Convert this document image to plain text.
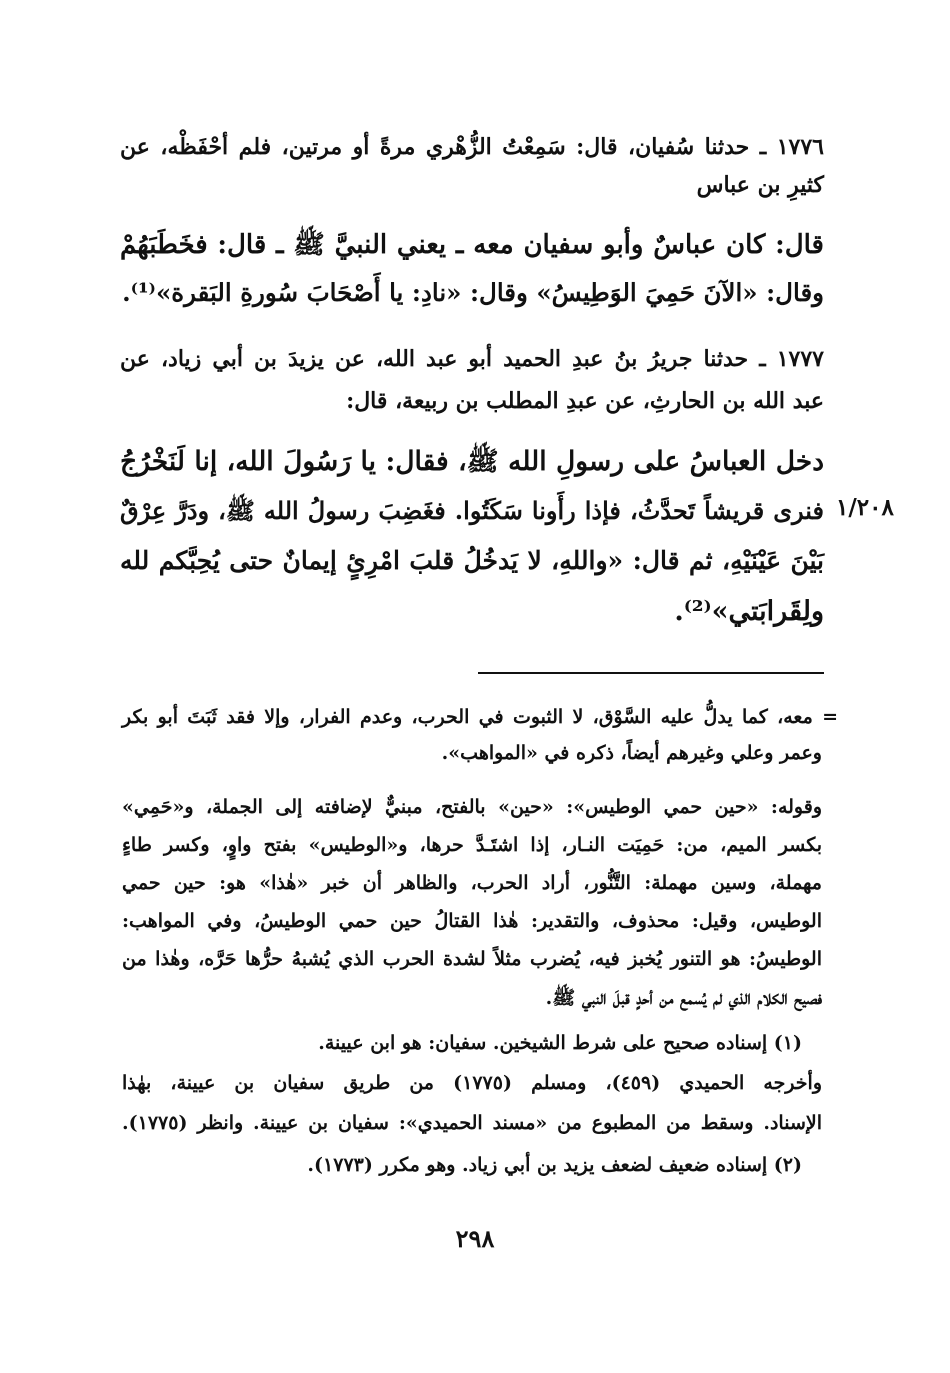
١٧٧٦ ـ حدثنا سُفيان، قال: سَمِعْتُ الزُّهْري مرةً أو مرتين، فلم أحْفَظْه، عن
كثيرِ بن عباس
قال: كان عباسٌ وأبو سفيان معه ـ يعني النبيَّ ﷺ ـ قال: فخَطَبَهُمْ
وقال: «الآنَ حَمِيَ الوَطِيسُ» وقال: «نادِ: يا أَصْحَابَ سُورةِ البَقرة»⁽¹⁾.
١٧٧٧ ـ حدثنا جريرُ بنُ عبدِ الحميد أبو عبد الله، عن يزيدَ بن أبي زياد، عن
عبد الله بن الحارثِ، عن عبدِ المطلب بن ربيعة، قال:
دخل العباسُ على رسولِ الله ﷺ، فقال: يا رَسُولَ الله، إنا لَنَخْرُجُ
فنرى قريشاً تَحدَّثُ، فإذا رأَونا سَكَتُوا. فغَضِبَ رسولُ الله ﷺ، ودَرَّ عِرْقٌ
بَيْنَ عَيْنَيْهِ، ثم قال: «واللهِ، لا يَدخُلُ قلبَ امْرِئٍ إيمانٌ حتى يُحِبَّكم لله
ولِقَرابَتي»⁽²⁾.
١/٢٠٨
= معه، كما يدلُّ عليه السَّوْق، لا الثبوت في الحرب، وعدم الفرار، وإلا فقد ثَبَتَ أبو بكر
وعمر وعلي وغيرهم أيضاً، ذكره في «المواهب».
وقوله: «حين حمي الوطيس»: «حين» بالفتح، مبنيٌّ لإضافته إلى الجملة، و«حَمِي»
بكسر الميم، من: حَمِيَت النـار، إذا اشتَـدَّ حرها، و«الوطيس» بفتح واوٍ، وكسر طاءٍ
مهملة، وسين مهملة: التَّنُّور، أراد الحرب، والظاهر أن خبر «هٰذا» هو: حين حمي
الوطيس، وقيل: محذوف، والتقدير: هٰذا القتالُ حين حمي الوطيسُ، وفي المواهب:
الوطيسُ: هو التنور يُخبز فيه، يُضرب مثلاً لشدة الحرب الذي يُشبهُ حرُّها حَرَّه، وهٰذا من
فصيح الكلام الذي لم يُسمع من أحدٍ قبلَ النبي ﷺ.
(١) إسناده صحيح على شرط الشيخين. سفيان: هو ابن عيينة.
وأخرجه الحميدي (٤٥٩)، ومسلم (١٧٧٥) من طريق سفيان بن عيينة، بهٰذا
الإسناد. وسقط من المطبوع من «مسند الحميدي»: سفيان بن عيينة. وانظر (١٧٧٥).
(٢) إسناده ضعيف لضعف يزيد بن أبي زياد. وهو مكرر (١٧٧٣).
٢٩٨
